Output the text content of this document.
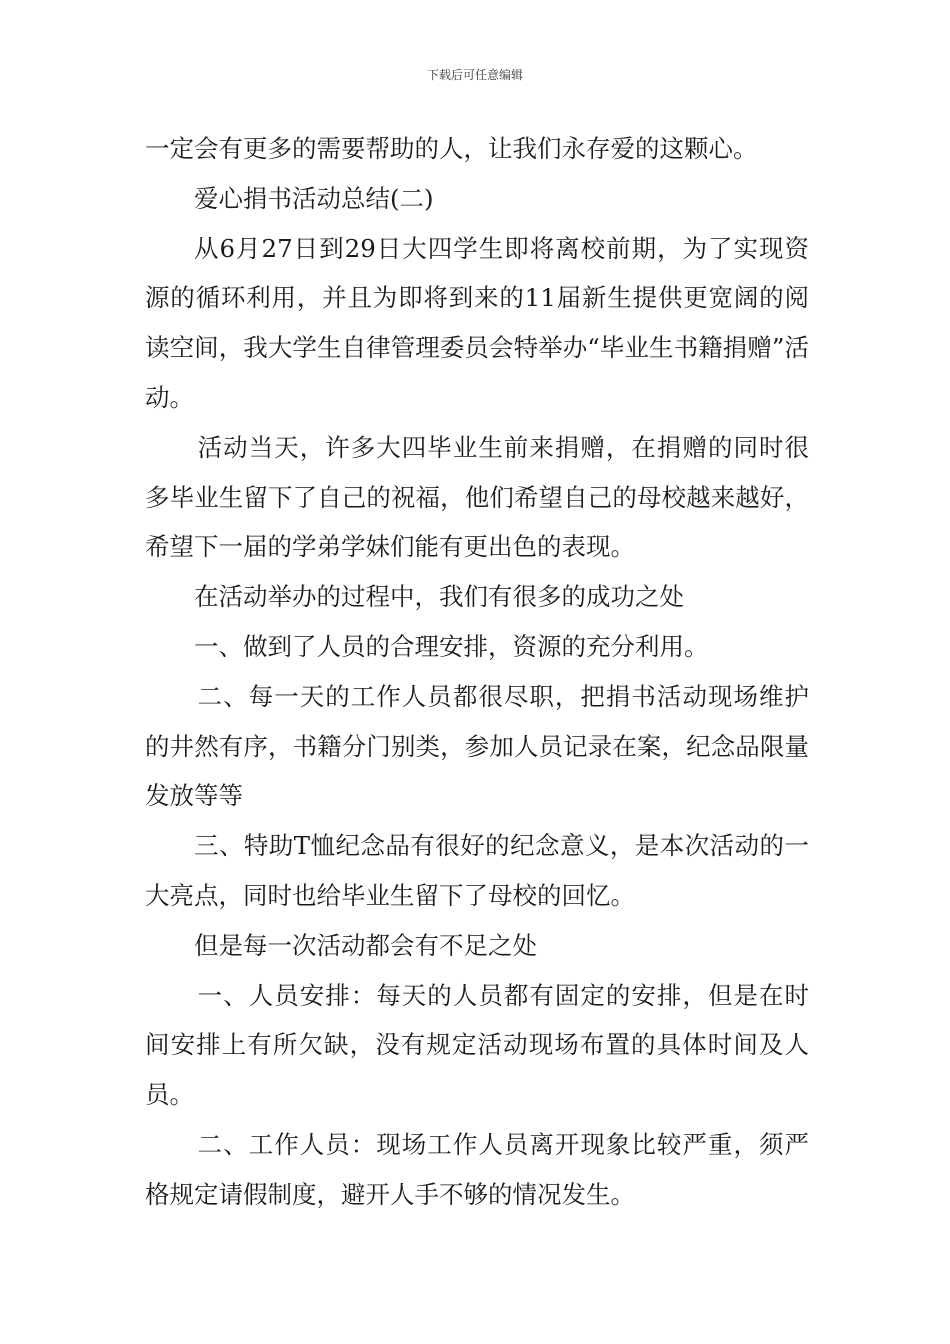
下载后可任意编辑

一定会有更多的需要帮助的人，让我们永存爱的这颗心。

爱心捐书活动总结(二)

从6月27日到29日大四学生即将离校前期，为了实现资源的循环利用，并且为即将到来的11届新生提供更宽阔的阅读空间，我大学生自律管理委员会特举办“毕业生书籍捐赠”活动。

活动当天，许多大四毕业生前来捐赠，在捐赠的同时很多毕业生留下了自己的祝福，他们希望自己的母校越来越好，希望下一届的学弟学妹们能有更出色的表现。

在活动举办的过程中，我们有很多的成功之处

一、做到了人员的合理安排，资源的充分利用。

二、每一天的工作人员都很尽职，把捐书活动现场维护的井然有序，书籍分门别类，参加人员记录在案，纪念品限量发放等等

三、特助T恤纪念品有很好的纪念意义，是本次活动的一大亮点，同时也给毕业生留下了母校的回忆。

但是每一次活动都会有不足之处

一、人员安排：每天的人员都有固定的安排，但是在时间安排上有所欠缺，没有规定活动现场布置的具体时间及人员。

二、工作人员：现场工作人员离开现象比较严重，须严格规定请假制度，避开人手不够的情况发生。
